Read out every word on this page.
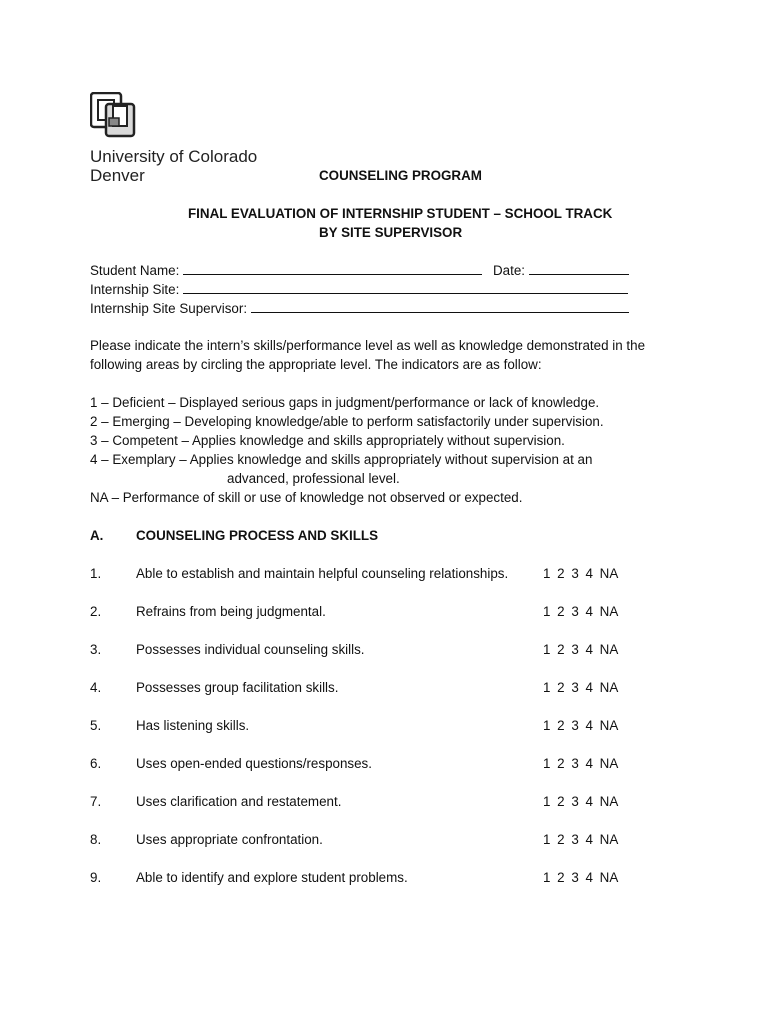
University of Colorado
Denver	COUNSELING PROGRAM
FINAL EVALUATION OF INTERNSHIP STUDENT – SCHOOL TRACK
BY SITE SUPERVISOR
Student Name:	Date:
Internship Site:
Internship Site Supervisor:
Please indicate the intern’s skills/performance level as well as knowledge demonstrated in the
following areas by circling the appropriate level. The indicators are as follow:
1 – Deficient – Displayed serious gaps in judgment/performance or lack of knowledge.
2 – Emerging – Developing knowledge/able to perform satisfactorily under supervision.
3 – Competent – Applies knowledge and skills appropriately without supervision.
4 – Exemplary – Applies knowledge and skills appropriately without supervision at an
advanced, professional level.
NA – Performance of skill or use of knowledge not observed or expected.
A. COUNSELING PROCESS AND SKILLS
1.	Able to establish and maintain helpful counseling relationships.	1 2 3 4 NA
2.	Refrains from being judgmental.	1 2 3 4 NA
3.	Possesses individual counseling skills.	1 2 3 4 NA
4.	Possesses group facilitation skills.	1 2 3 4 NA
5.	Has listening skills.	1 2 3 4 NA
6.	Uses open-ended questions/responses.	1 2 3 4 NA
7.	Uses clarification and restatement.	1 2 3 4 NA
8.	Uses appropriate confrontation.	1 2 3 4 NA
9.	Able to identify and explore student problems.	1 2 3 4 NA
